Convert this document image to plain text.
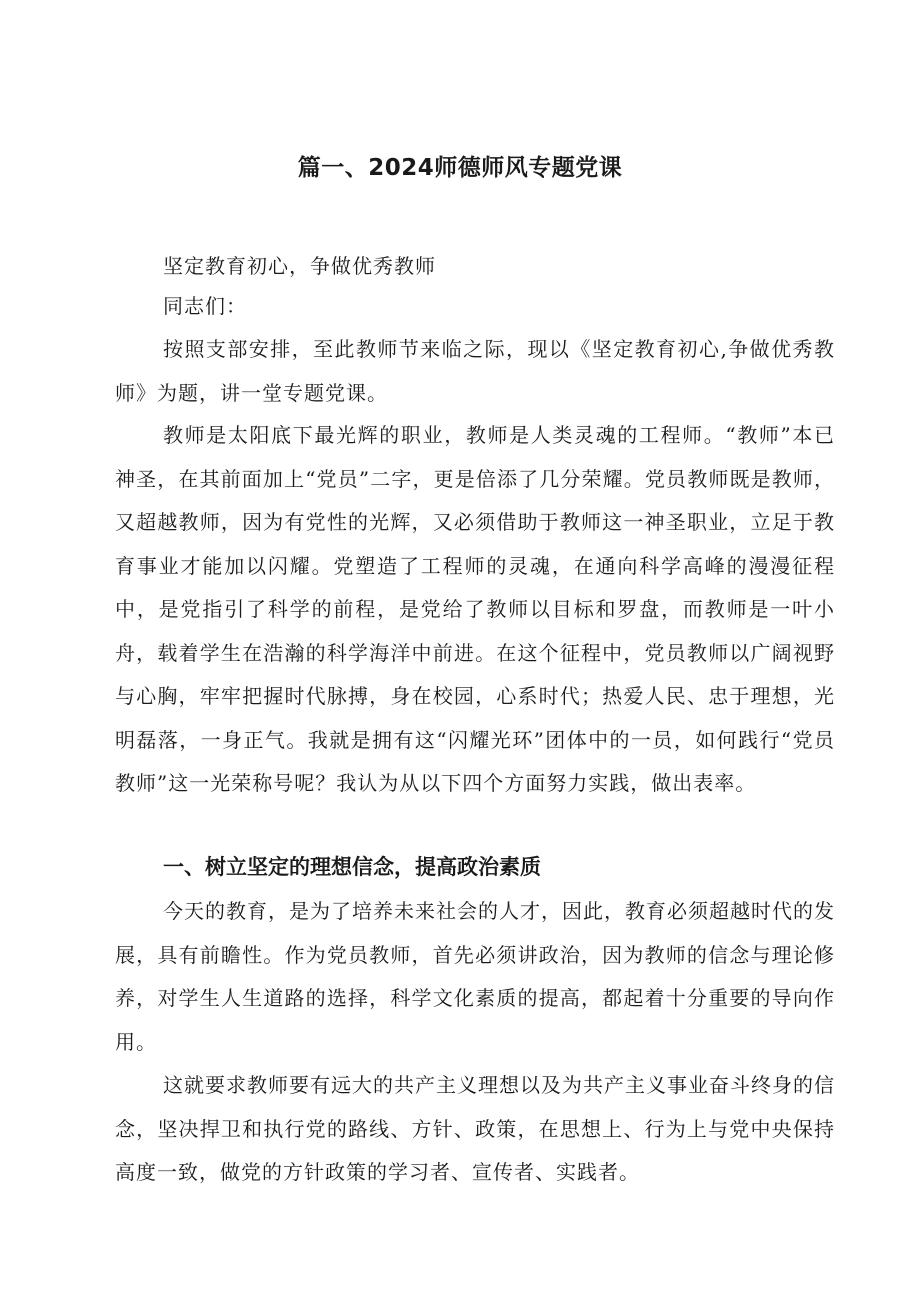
篇一、2024师德师风专题党课

坚定教育初心，争做优秀教师

同志们：

按照支部安排，至此教师节来临之际，现以《坚定教育初心,争做优秀教师》为题，讲一堂专题党课。

教师是太阳底下最光辉的职业，教师是人类灵魂的工程师。“教师”本已神圣，在其前面加上“党员”二字，更是倍添了几分荣耀。党员教师既是教师，又超越教师，因为有党性的光辉，又必须借助于教师这一神圣职业，立足于教育事业才能加以闪耀。党塑造了工程师的灵魂，在通向科学高峰的漫漫征程中，是党指引了科学的前程，是党给了教师以目标和罗盘，而教师是一叶小舟，载着学生在浩瀚的科学海洋中前进。在这个征程中，党员教师以广阔视野与心胸，牢牢把握时代脉搏，身在校园，心系时代；热爱人民、忠于理想，光明磊落，一身正气。我就是拥有这“闪耀光环”团体中的一员，如何践行“党员教师”这一光荣称号呢？我认为从以下四个方面努力实践，做出表率。

一、树立坚定的理想信念，提高政治素质

今天的教育，是为了培养未来社会的人才，因此，教育必须超越时代的发展，具有前瞻性。作为党员教师，首先必须讲政治，因为教师的信念与理论修养，对学生人生道路的选择，科学文化素质的提高，都起着十分重要的导向作用。

这就要求教师要有远大的共产主义理想以及为共产主义事业奋斗终身的信念，坚决捍卫和执行党的路线、方针、政策，在思想上、行为上与党中央保持高度一致，做党的方针政策的学习者、宣传者、实践者。
